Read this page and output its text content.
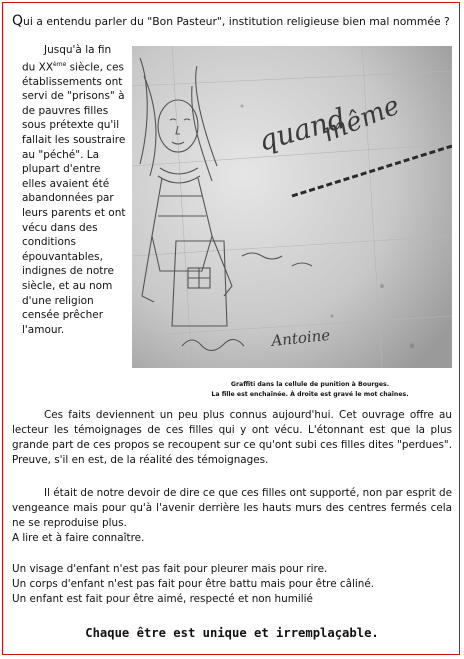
Qui a entendu parler du "Bon Pasteur", institution religieuse bien mal nommée ?

Jusqu'à la fin du XXème siècle, ces établissements ont servi de "prisons" à de pauvres filles sous prétexte qu'il fallait les soustraire au "péché". La plupart d'entre elles avaient été abandonnées par leurs parents et ont vécu dans des conditions épouvantables, indignes de notre siècle, et au nom d'une religion censée prêcher l'amour.

quand
même
Antoine
Graffiti dans la cellule de punition à Bourges.
La fille est enchaînée. À droite est gravé le mot chaînes.

Ces faits deviennent un peu plus connus aujourd'hui. Cet ouvrage offre au lecteur les témoignages de ces filles qui y ont vécu. L'étonnant est que la plus grande part de ces propos se recoupent sur ce qu'ont subi ces filles dites "perdues". Preuve, s'il en est, de la réalité des témoignages.

Il était de notre devoir de dire ce que ces filles ont supporté, non par esprit de vengeance mais pour qu'à l'avenir derrière les hauts murs des centres fermés cela ne se reproduise plus.
A lire et à faire connaître.

Un visage d'enfant n'est pas fait pour pleurer mais pour rire.
Un corps d'enfant n'est pas fait pour être battu mais pour être câliné.
Un enfant est fait pour être aimé, respecté et non humilié
Chaque être est unique et irremplaçable.
